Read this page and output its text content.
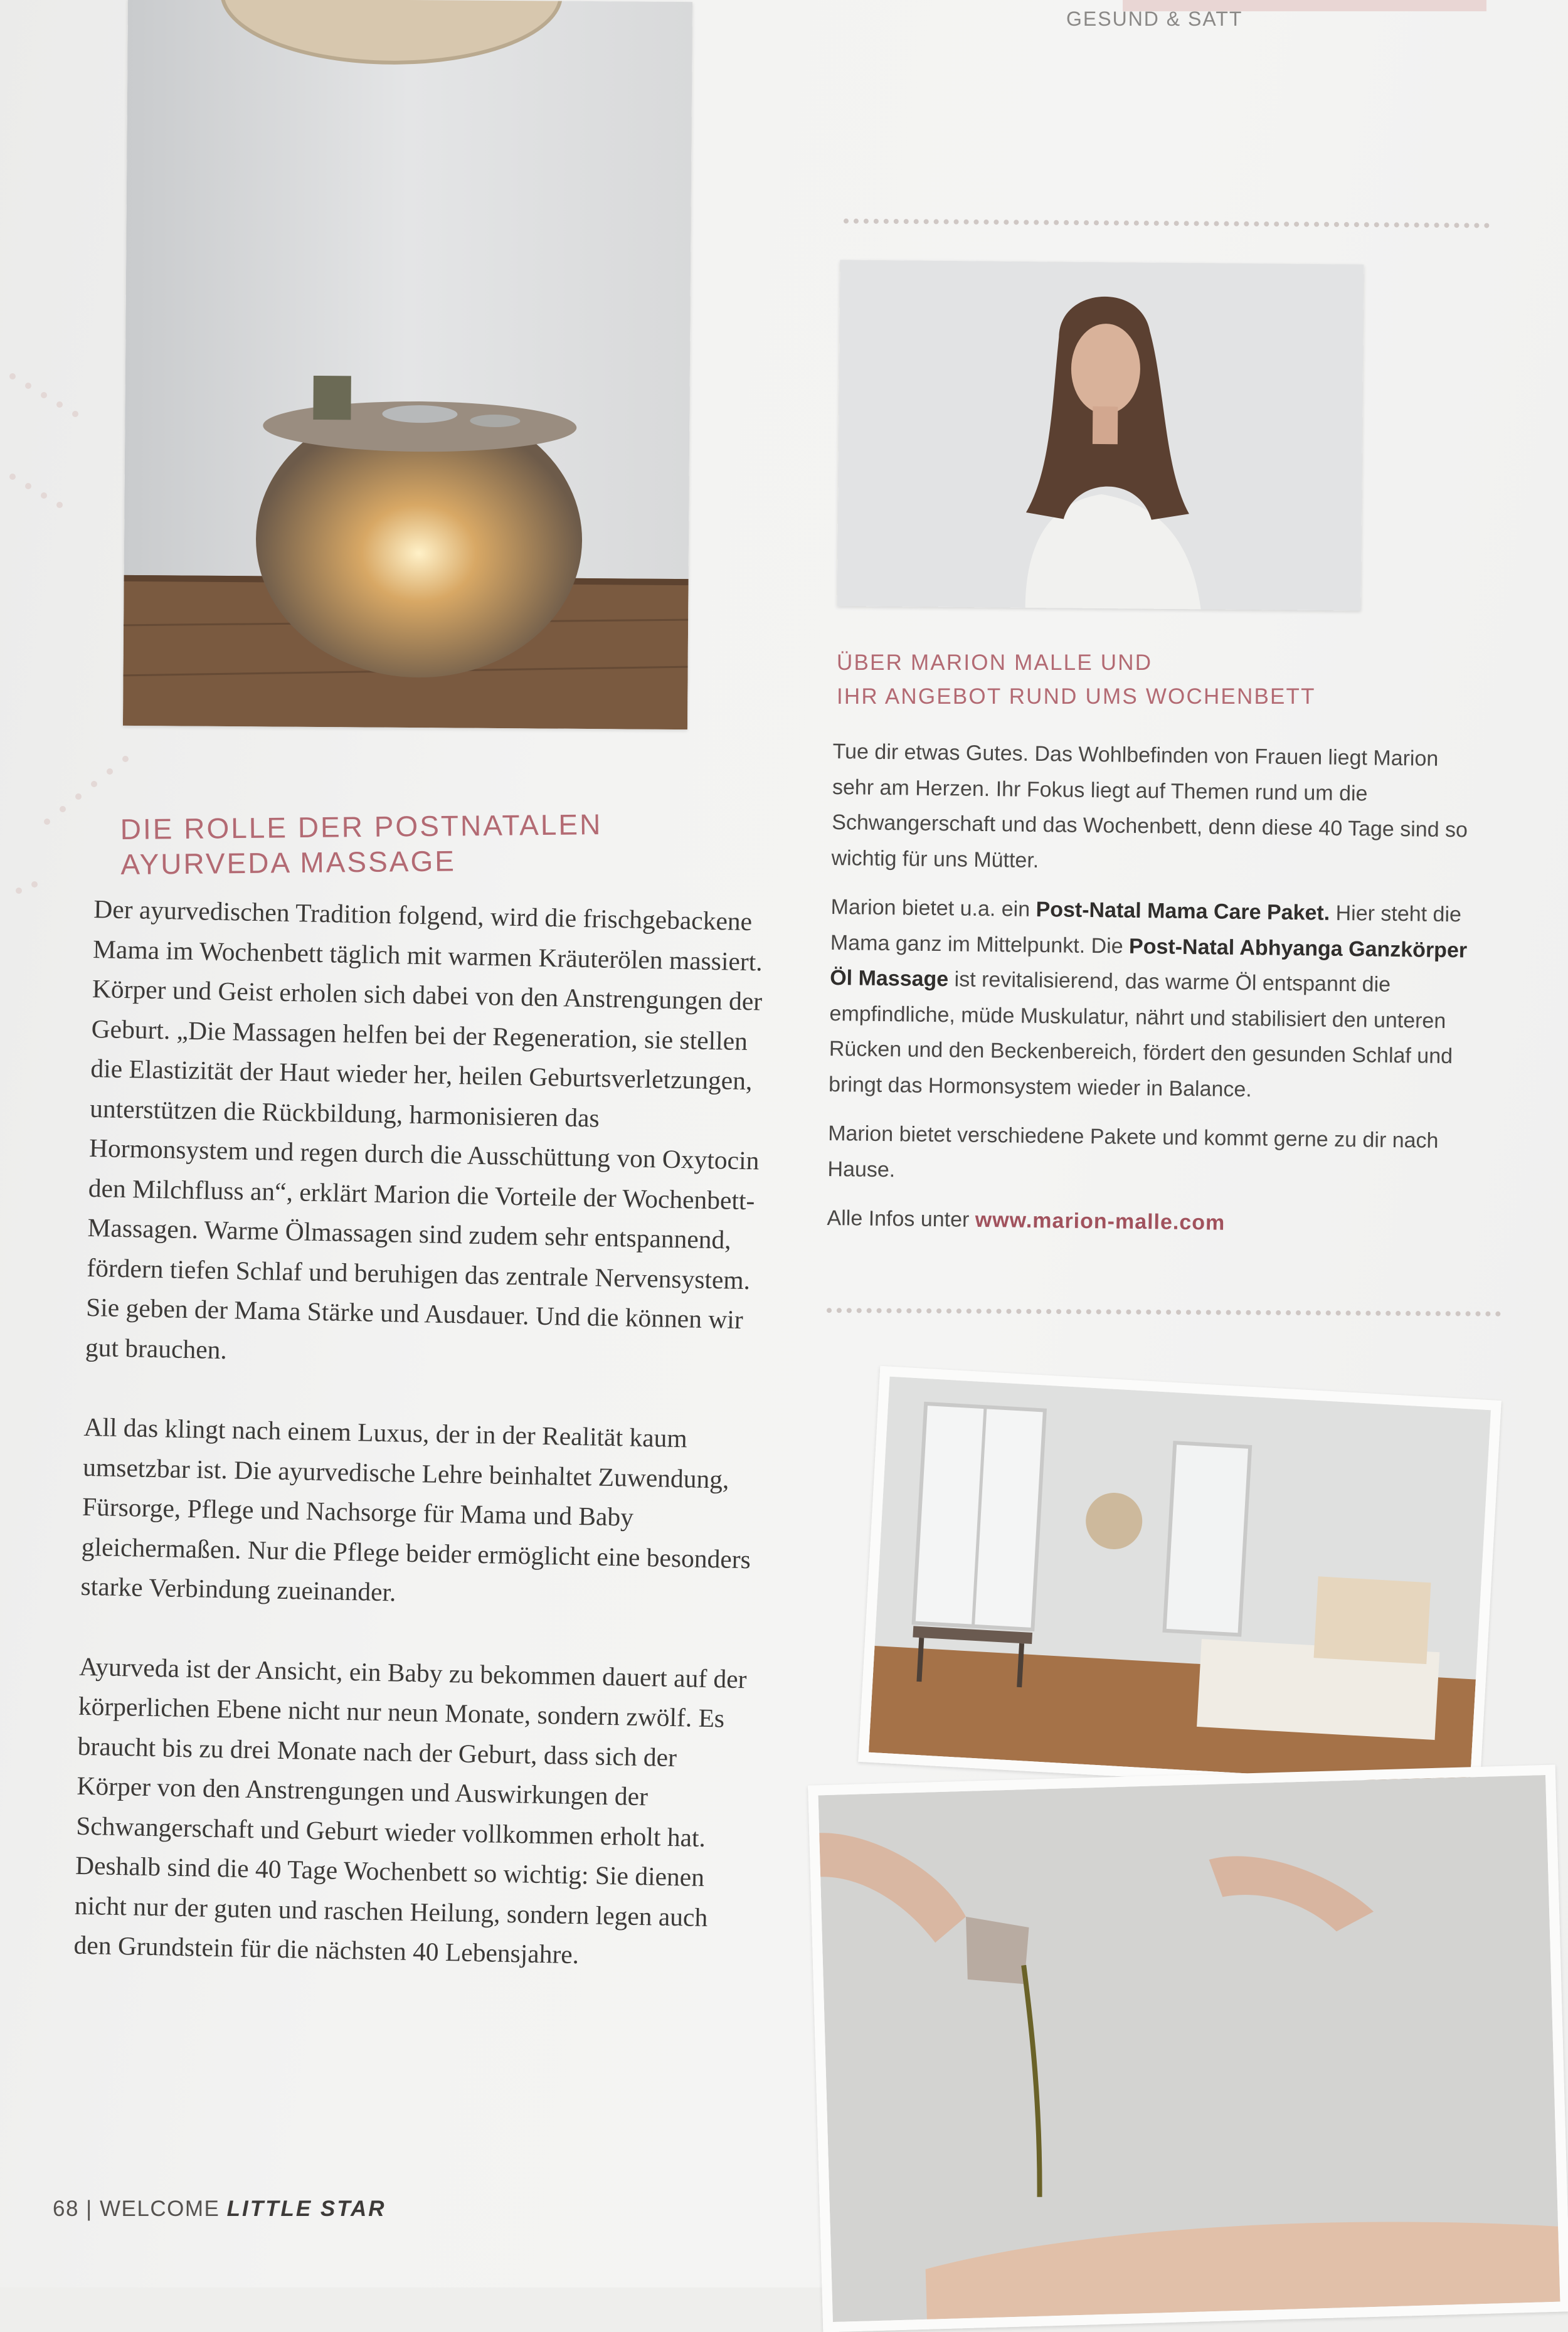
GESUND & SATT
ÜBER MARION MALLE UND
IHR ANGEBOT RUND UMS WOCHENBETT

Tue dir etwas Gutes. Das Wohlbefinden von Frauen liegt Marion sehr am Herzen. Ihr Fokus liegt auf Themen rund um die Schwangerschaft und das Wochenbett, denn diese 40 Tage sind so wichtig für uns Mütter.

Marion bietet u.a. ein Post-Natal Mama Care Paket. Hier steht die Mama ganz im Mittelpunkt. Die Post-Natal Abhyanga Ganzkörper Öl Massage ist revitalisierend, das warme Öl entspannt die empfindliche, müde Muskulatur, nährt und stabilisiert den unteren Rücken und den Beckenbereich, fördert den gesunden Schlaf und bringt das Hormonsystem wieder in Balance.

Marion bietet verschiedene Pakete und kommt gerne zu dir nach Hause.

Alle Infos unter www.marion-malle.com

DIE ROLLE DER POSTNATALEN
AYURVEDA MASSAGE

Der ayurvedischen Tradition folgend, wird die frischgebackene Mama im Wochenbett täglich mit warmen Kräuterölen massiert. Körper und Geist erholen sich dabei von den Anstrengungen der Geburt. „Die Massagen helfen bei der Regeneration, sie stellen die Elastizität der Haut wieder her, heilen Geburtsverletzungen, unterstützen die Rückbildung, harmonisieren das Hormonsystem und regen durch die Ausschüttung von Oxytocin den Milchfluss an“, erklärt Marion die Vorteile der Wochenbett-Massagen. Warme Ölmassagen sind zudem sehr entspannend, fördern tiefen Schlaf und beruhigen das zentrale Nervensystem. Sie geben der Mama Stärke und Ausdauer. Und die können wir gut brauchen.

All das klingt nach einem Luxus, der in der Realität kaum umsetzbar ist. Die ayurvedische Lehre beinhaltet Zuwendung, Fürsorge, Pflege und Nachsorge für Mama und Baby gleichermaßen. Nur die Pflege beider ermöglicht eine besonders starke Verbindung zueinander.

Ayurveda ist der Ansicht, ein Baby zu bekommen dauert auf der körperlichen Ebene nicht nur neun Monate, sondern zwölf. Es braucht bis zu drei Monate nach der Geburt, dass sich der Körper von den Anstrengungen und Auswirkungen der Schwangerschaft und Geburt wieder vollkommen erholt hat. Deshalb sind die 40 Tage Wochenbett so wichtig: Sie dienen nicht nur der guten und raschen Heilung, sondern legen auch den Grundstein für die nächsten 40 Lebensjahre.

68 | WELCOME LITTLE STAR
